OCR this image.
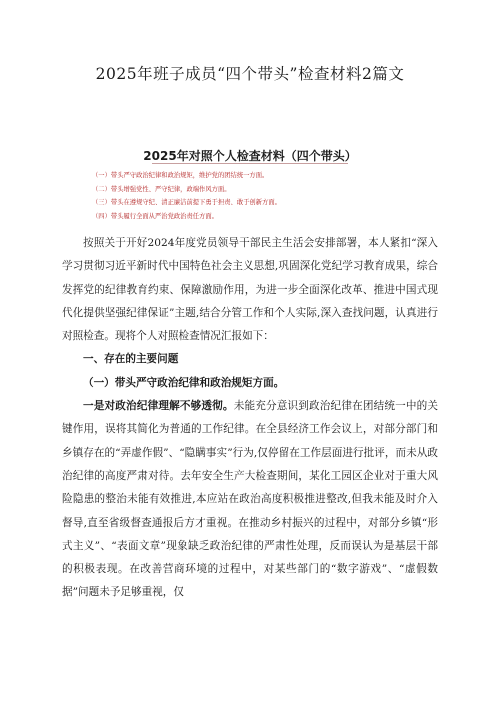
2025年班子成员“四个带头”检查材料2篇文
2025年对照个人检查材料（四个带头）
（一）带头严守政治纪律和政治规矩，维护党的团结统一方面。
（二）带头增强党性、严守纪律，政端作风方面。
（三）带头在遵规守纪、清正廉洁前提下勇于担责、敢于创新方面。
（四）带头履行全面从严治党政治责任方面。

按照关于开好2024年度党员领导干部民主生活会安排部署，本人紧扣“深入学习贯彻习近平新时代中国特色社会主义思想,巩固深化党纪学习教育成果，综合发挥党的纪律教育约束、保障激励作用，为进一步全面深化改革、推进中国式现代化提供坚强纪律保证”主题,结合分管工作和个人实际,深入查找问题，认真进行对照检查。现将个人对照检查情况汇报如下：

一、存在的主要问题

（一）带头严守政治纪律和政治规矩方面。

一是对政治纪律理解不够透彻。未能充分意识到政治纪律在团结统一中的关键作用，误将其简化为普通的工作纪律。在全县经济工作会议上，对部分部门和乡镇存在的“弄虚作假”、“隐瞒事实”行为,仅停留在工作层面进行批评，而未从政治纪律的高度严肃对待。去年安全生产大检查期间，某化工园区企业对于重大风险隐患的整治未能有效推进,本应站在政治高度积极推进整改,但我未能及时介入督导,直至省级督查通报后方才重视。在推动乡村振兴的过程中，对部分乡镇“形式主义”、“表面文章”现象缺乏政治纪律的严肃性处理，反而误认为是基层干部的积极表现。在改善营商环境的过程中，对某些部门的“数字游戏”、“虚假数据”问题未予足够重视，仅
